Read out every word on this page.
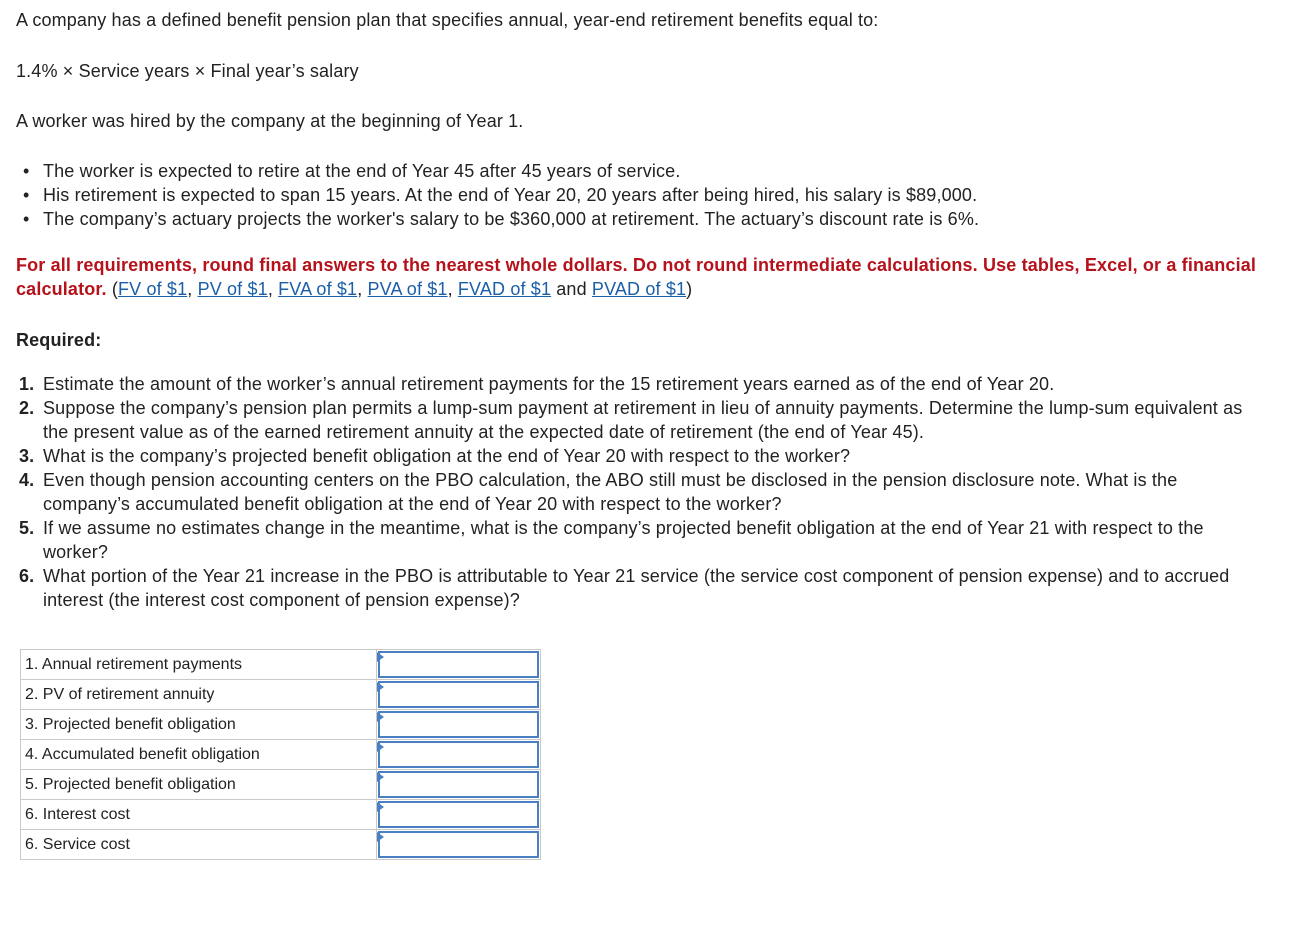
A company has a defined benefit pension plan that specifies annual, year-end retirement benefits equal to:
1.4% × Service years × Final year’s salary
A worker was hired by the company at the beginning of Year 1.
• The worker is expected to retire at the end of Year 45 after 45 years of service.
• His retirement is expected to span 15 years. At the end of Year 20, 20 years after being hired, his salary is $89,000.
• The company’s actuary projects the worker's salary to be $360,000 at retirement. The actuary’s discount rate is 6%.
For all requirements, round final answers to the nearest whole dollars. Do not round intermediate calculations. Use tables, Excel, or a financial calculator. (FV of $1, PV of $1, FVA of $1, PVA of $1, FVAD of $1 and PVAD of $1)
Required:
1. Estimate the amount of the worker’s annual retirement payments for the 15 retirement years earned as of the end of Year 20.
2. Suppose the company’s pension plan permits a lump-sum payment at retirement in lieu of annuity payments. Determine the lump-sum equivalent as the present value as of the earned retirement annuity at the expected date of retirement (the end of Year 45).
3. What is the company’s projected benefit obligation at the end of Year 20 with respect to the worker?
4. Even though pension accounting centers on the PBO calculation, the ABO still must be disclosed in the pension disclosure note. What is the company’s accumulated benefit obligation at the end of Year 20 with respect to the worker?
5. If we assume no estimates change in the meantime, what is the company’s projected benefit obligation at the end of Year 21 with respect to the worker?
6. What portion of the Year 21 increase in the PBO is attributable to Year 21 service (the service cost component of pension expense) and to accrued interest (the interest cost component of pension expense)?
1. Annual retirement payments	

2. PV of retirement annuity	

3. Projected benefit obligation	

4. Accumulated benefit obligation	

5. Projected benefit obligation	

6. Interest cost	

6. Service cost	
